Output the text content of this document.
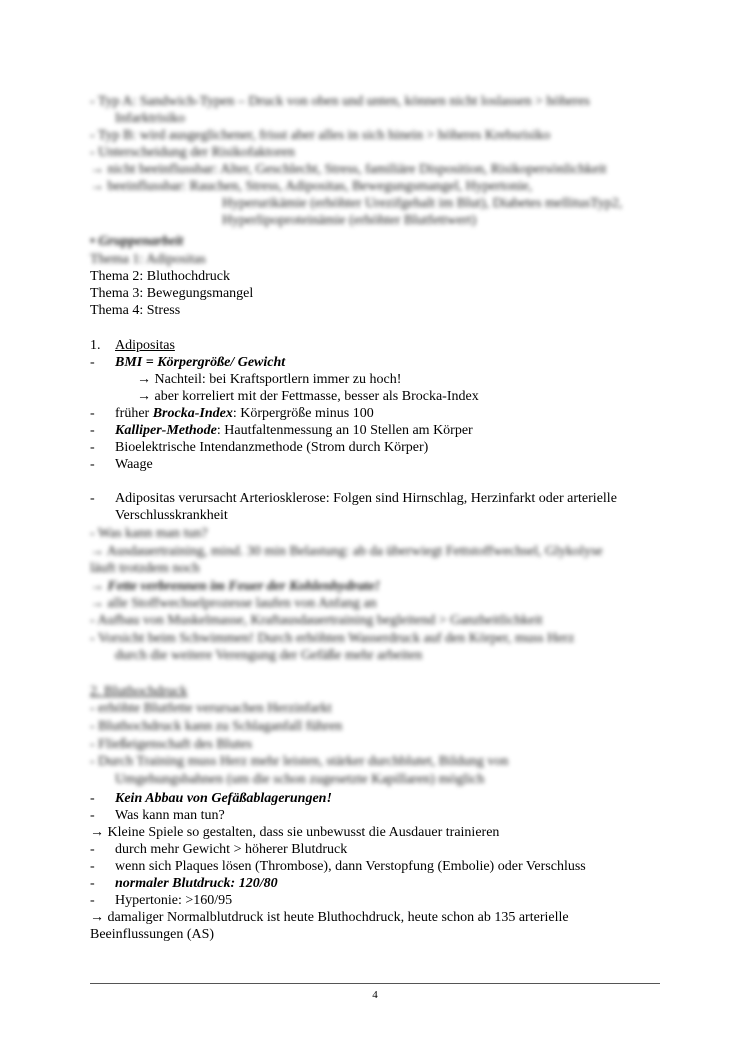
- Typ A: Sandwich-Typen – Druck von oben und unten, können nicht loslassen > höheres
Infarktrisiko
- Typ B: wird ausgeglichener, frisst aber alles in sich hinein > höheres Krebsrisiko
- Unterscheidung der Risikofaktoren
→ nicht beeinflussbar: Alter, Geschlecht, Stress, familiäre Disposition, Risikopersönlichkeit
→ beeinflussbar: Rauchen, Stress, Adipositas, Bewegungsmangel, Hypertonie,
Hyperurikämie (erhöhter Urezifgehalt im Blut), Diabetes mellitusTyp2,
Hyperlipoproteinämie (erhöhter Blutfettwert)
• Gruppenarbeit
Thema 1: Adipositas
Thema 2: Bluthochdruck
Thema 3: Bewegungsmangel
Thema 4: Stress
1. Adipositas
- BMI = Körpergröße/ Gewicht
→ Nachteil: bei Kraftsportlern immer zu hoch!
→ aber korreliert mit der Fettmasse, besser als Brocka-Index
- früher Brocka-Index: Körpergröße minus 100
- Kalliper-Methode: Hautfaltenmessung an 10 Stellen am Körper
- Bioelektrische Intendanzmethode (Strom durch Körper)
- Waage
- Adipositas verursacht Arteriosklerose: Folgen sind Hirnschlag, Herzinfarkt oder arterielle
Verschlusskrankheit
- Was kann man tun?
→ Ausdauertraining, mind. 30 min Belastung: ab da überwiegt Fettstoffwechsel, Glykolyse
läuft trotzdem noch
→ Fette verbrennen im Feuer der Kohlenhydrate!
→ alle Stoffwechselprozesse laufen von Anfang an
- Aufbau von Muskelmasse, Kraftausdauertraining begleitend > Ganzheitlichkeit
- Vorsicht beim Schwimmen! Durch erhöhten Wasserdruck auf den Körper, muss Herz
durch die weitere Verengung der Gefäße mehr arbeiten
2. Bluthochdruck
- erhöhte Blutfette verursachen Herzinfarkt
- Bluthochdruck kann zu Schlaganfall führen
- Fließeigenschaft des Blutes
- Durch Training muss Herz mehr leisten, stärker durchblutet, Bildung von
Umgehungsbahnen (um die schon zugesetzte Kapillaren) möglich
- Kein Abbau von Gefäßablagerungen!
- Was kann man tun?
→ Kleine Spiele so gestalten, dass sie unbewusst die Ausdauer trainieren
- durch mehr Gewicht > höherer Blutdruck
- wenn sich Plaques lösen (Thrombose), dann Verstopfung (Embolie) oder Verschluss
- normaler Blutdruck: 120/80
- Hypertonie: >160/95
→ damaliger Normalblutdruck ist heute Bluthochdruck, heute schon ab 135 arterielle
Beeinflussungen (AS)
4
